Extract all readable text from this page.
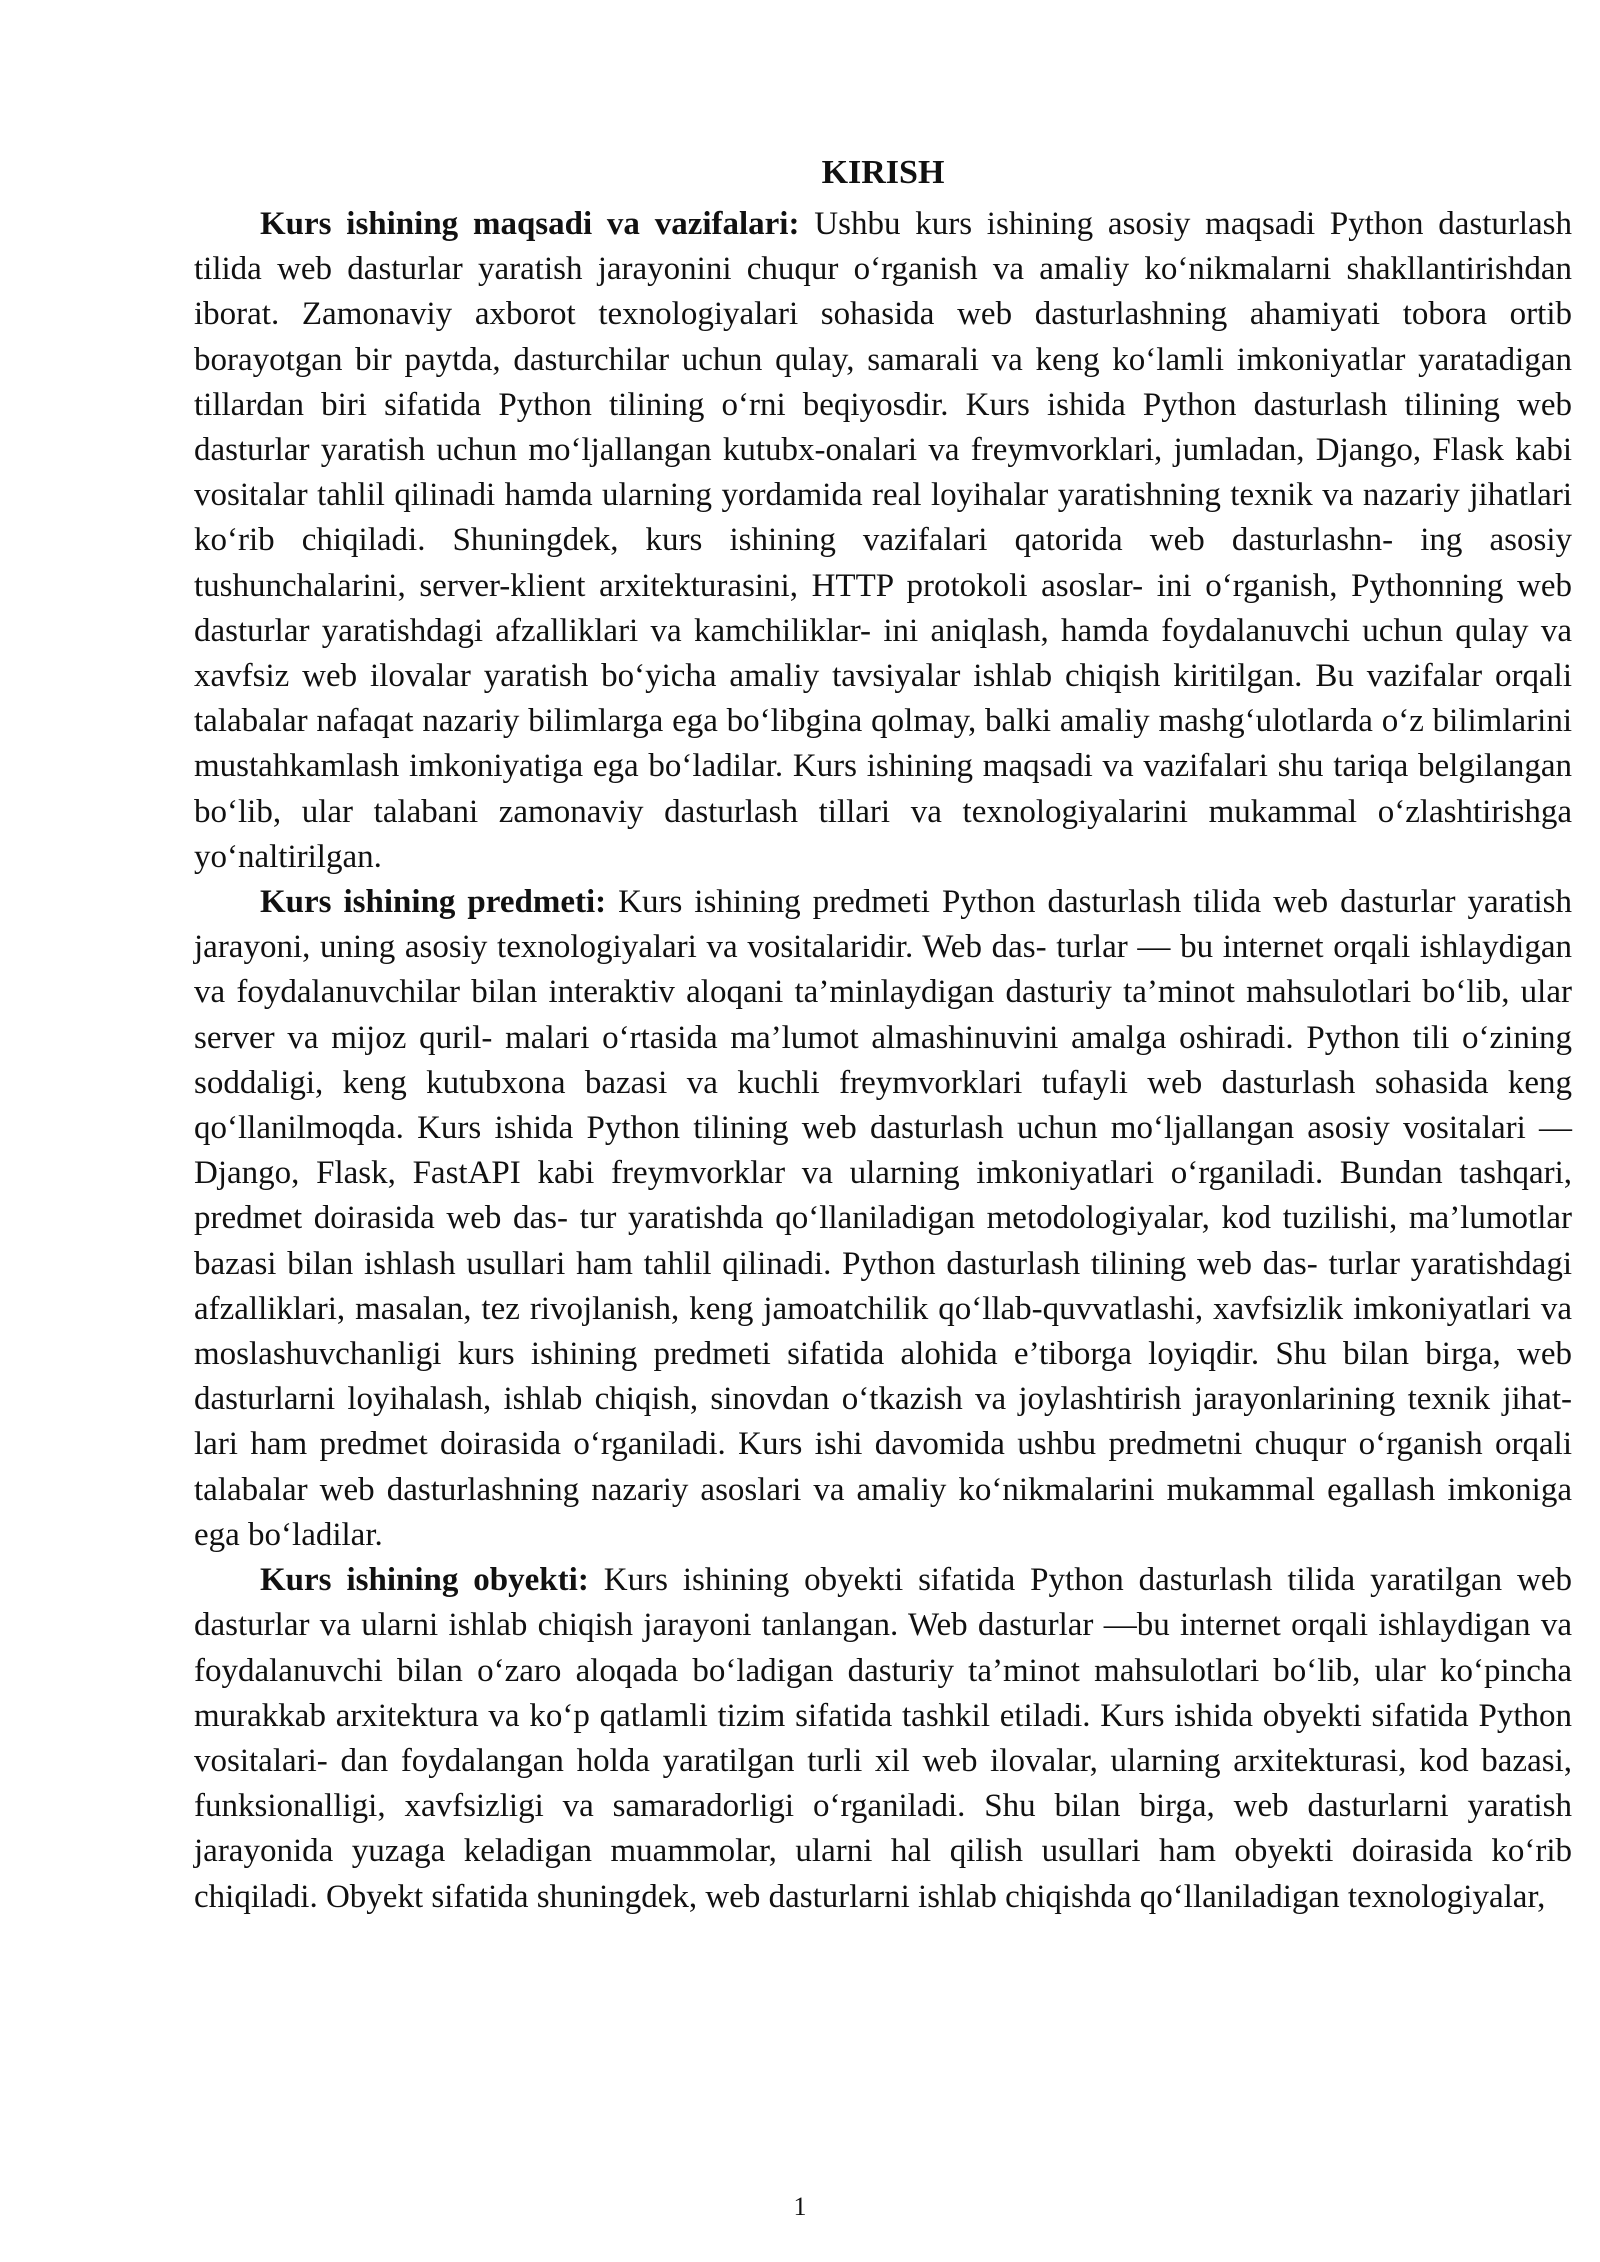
KIRISH

Kurs ishining maqsadi va vazifalari: Ushbu kurs ishining asosiy maqsadi Python dasturlash tilida web dasturlar yaratish jarayonini chuqur o‘rganish va amaliy ko‘nikmalarni shakllantirishdan iborat. Zamonaviy axborot texnologiyalari sohasida web dasturlashning ahamiyati tobora ortib borayotgan bir paytda, dasturchilar uchun qulay, samarali va keng ko‘lamli imkoniyatlar yaratadigan tillardan biri sifatida Python tilining o‘rni beqiyosdir. Kurs ishida Python dasturlash tilining web dasturlar yaratish uchun mo‘ljallangan kutubx-onalari va freymvorklari, jumladan, Django, Flask kabi vositalar tahlil qilinadi hamda ularning yordamida real loyihalar yaratishning texnik va nazariy jihatlari ko‘rib chiqiladi. Shuningdek, kurs ishining vazifalari qatorida web dasturlashn- ing asosiy tushunchalarini, server-klient arxitekturasini, HTTP protokoli asoslar- ini o‘rganish, Pythonning web dasturlar yaratishdagi afzalliklari va kamchiliklar- ini aniqlash, hamda foydalanuvchi uchun qulay va xavfsiz web ilovalar yaratish bo‘yicha amaliy tavsiyalar ishlab chiqish kiritilgan. Bu vazifalar orqali talabalar nafaqat nazariy bilimlarga ega bo‘libgina qolmay, balki amaliy mashg‘ulotlarda o‘z bilimlarini mustahkamlash imkoniyatiga ega bo‘ladilar. Kurs ishining maqsadi va vazifalari shu tariqa belgilangan bo‘lib, ular talabani zamonaviy dasturlash tillari va texnologiyalarini mukammal o‘zlashtirishga yo‘naltirilgan.

Kurs ishining predmeti: Kurs ishining predmeti Python dasturlash tilida web dasturlar yaratish jarayoni, uning asosiy texnologiyalari va vositalaridir. Web das- turlar — bu internet orqali ishlaydigan va foydalanuvchilar bilan interaktiv aloqani ta’minlaydigan dasturiy ta’minot mahsulotlari bo‘lib, ular server va mijoz quril- malari o‘rtasida ma’lumot almashinuvini amalga oshiradi. Python tili o‘zining soddaligi, keng kutubxona bazasi va kuchli freymvorklari tufayli web dasturlash sohasida keng qo‘llanilmoqda. Kurs ishida Python tilining web dasturlash uchun mo‘ljallangan asosiy vositalari — Django, Flask, FastAPI kabi freymvorklar va ularning imkoniyatlari o‘rganiladi. Bundan tashqari, predmet doirasida web das- tur yaratishda qo‘llaniladigan metodologiyalar, kod tuzilishi, ma’lumotlar bazasi bilan ishlash usullari ham tahlil qilinadi. Python dasturlash tilining web das- turlar yaratishdagi afzalliklari, masalan, tez rivojlanish, keng jamoatchilik qo‘llab-quvvatlashi, xavfsizlik imkoniyatlari va moslashuvchanligi kurs ishining predmeti sifatida alohida e’tiborga loyiqdir. Shu bilan birga, web dasturlarni loyihalash, ishlab chiqish, sinovdan o‘tkazish va joylashtirish jarayonlarining texnik jihat- lari ham predmet doirasida o‘rganiladi. Kurs ishi davomida ushbu predmetni chuqur o‘rganish orqali talabalar web dasturlashning nazariy asoslari va amaliy ko‘nikmalarini mukammal egallash imkoniga ega bo‘ladilar.

Kurs ishining obyekti: Kurs ishining obyekti sifatida Python dasturlash tilida yaratilgan web dasturlar va ularni ishlab chiqish jarayoni tanlangan. Web dasturlar —bu internet orqali ishlaydigan va foydalanuvchi bilan o‘zaro aloqada bo‘ladigan dasturiy ta’minot mahsulotlari bo‘lib, ular ko‘pincha murakkab arxitektura va ko‘p qatlamli tizim sifatida tashkil etiladi. Kurs ishida obyekti sifatida Python vositalari- dan foydalangan holda yaratilgan turli xil web ilovalar, ularning arxitekturasi, kod bazasi, funksionalligi, xavfsizligi va samaradorligi o‘rganiladi. Shu bilan birga, web dasturlarni yaratish jarayonida yuzaga keladigan muammolar, ularni hal qilish usullari ham obyekti doirasida ko‘rib chiqiladi. Obyekt sifatida shuningdek, web dasturlarni ishlab chiqishda qo‘llaniladigan texnologiyalar,

1
